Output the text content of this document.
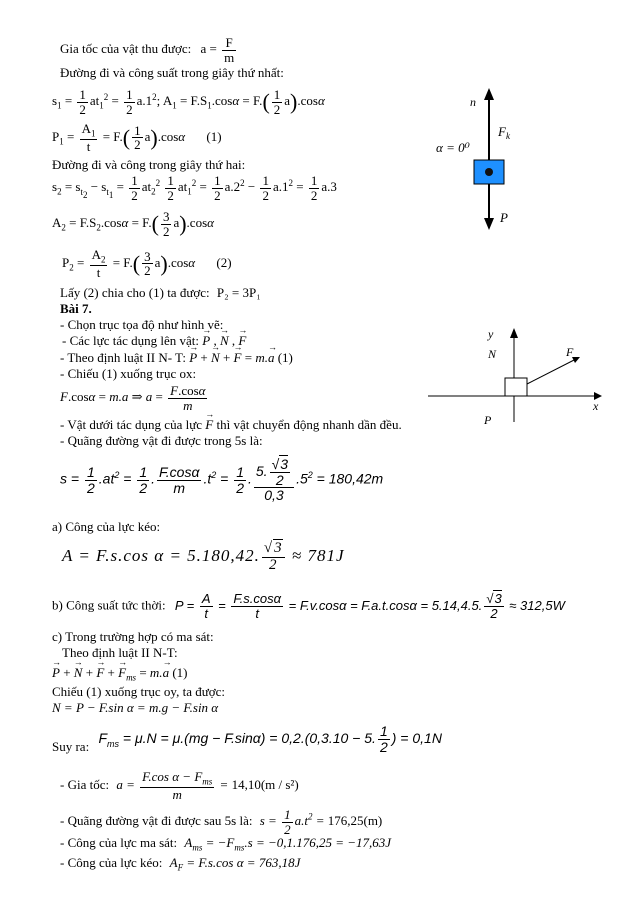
Gia tốc của vật thu được: $a = \frac{F}{m}$
Đường đi và công suất trong giây thứ nhất:
$s_1 = \frac{1}{2} at_1^2 = \frac{1}{2} a.1^2$; $A_1 = F.S_1.\cos\alpha = F.( \frac{1}{2} a).\cos\alpha$
$P_1 = \frac{A_1}{t} = F.( \frac{1}{2} a).\cos\alpha$ (1)
Đường đi và công trong giây thứ hai:
$s_2 = s_{t_2} - s_{t_1} = \frac{1}{2} at_2^2 \frac{1}{2} at_1^2 = \frac{1}{2} a.2^2 - \frac{1}{2} a.1^2 = \frac{1}{2} a.3$
$A_2 = F.S_2.\cos\alpha = F.( \frac{3}{2} a).\cos\alpha$
$P_2 = \frac{A_2}{t} = F.( \frac{3}{2} a).\cos\alpha$ (2)
Lấy (2) chia cho (1) ta được: P₂ = 3P₁
Bài 7.
- Chọn trục tọa độ như hình vẽ:
- Các lực tác dụng lên vật: → P , → N , → F
- Theo định luật II N- T: → P + → N + → F = m.→ a (1)
- Chiếu (1) xuống trục ox:
F.cosα = m.a ⇒ $a = \frac{F.\cos\alpha}{m}$
- Vật dưới tác dụng của lực → F thì vật chuyển động nhanh dần đều.
- Quãng đường vật đi được trong 5s là:
$s = \frac{1}{2} .at^2 = \frac{1}{2}$ . $\frac{F.\cos\alpha}{m} .t^2 = \frac{1}{2}$ . $\frac{5. \frac{√3}{2}}{0,3} .5^2 = 180,42m$
a) Công của lực kéo:
A = F.s.cos α = 5.180,42. $\frac{√3}{2} \approx 781J$
b) Công suất tức thời: $P = \frac{A}{t} = \frac{F.s.\cos\alpha}{t} = F.v.\cos\alpha = F.a.t.\cos\alpha = 5.14,4.5$. $\frac{√3}{2} \approx 312,5W$
c) Trong trường hợp có ma sát:
Theo định luật II N-T:
→ P + → N + → F + → $F_{ms} = m.\to a$ (1)
Chiếu (1) xuống trục oy, ta được:
N = P − F.sin α = m.g − F.sin α
Suy ra: $F_{ms} = \mu.N = \mu.(mg - F.\sin\alpha) = 0,2.(0,3.10 - 5$. $\frac{1}{2}$ ) = 0,1N
- Gia tốc: $a = \frac{F.\cos \alpha - F_{ms}}{m} = 14,10(m / s^2)$
- Quãng đường vật đi được sau 5s là: $s = \frac{1}{2} a.t^2 = 176,25(m)$
- Công của lực ma sát: $A_{ms} = -F_{ms}.s = -0,1.176,25 = -17,63J$
- Công của lực kéo: $A_F = F.s.\cos$ α = 763,18J
α = 0⁰
n
$F_k$
P
y
N	F
x
P
